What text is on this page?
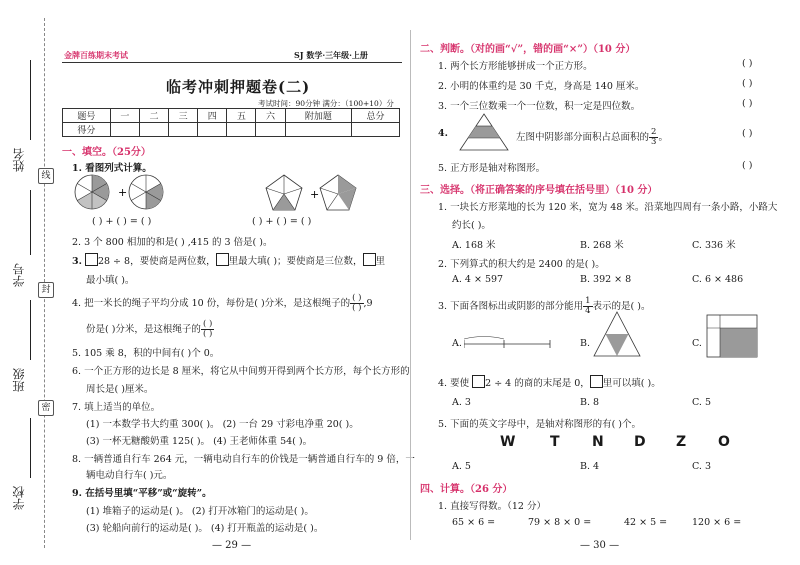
姓名
线
学号
封
班级
密
学校
金牌百练期末考试	SJ 数学·三年级·上册
临考冲刺押题卷(二)
考试时间：90分钟 满分：（100+10）分
题号	一	二	三	四	五	六	附加题	总分
得分								
一、填空。（25分）
1. 看图列式计算。
+	+
( ) + ( ) = ( )	( ) + ( ) = ( )
2. 3 个 800 相加的和是( ) ,415 的 3 倍是( )。
3. 28 ÷ 8，要使商是两位数， 里最大填( )；要使商是三位数， 里
最小填( )。
4. 把一米长的绳子平均分成 10 份，每份是( )分米，是这根绳子的 $\frac{( )}{( )},9$
份是( )分米，是这根绳子的 $\frac{( )}{( )}$
5. 105 乘 8，积的中间有( )个 0。
6. 一个正方形的边长是 8 厘米，将它从中间剪开得到两个长方形，每个长方形的
周长是( )厘米。
7. 填上适当的单位。
(1) 一本数学书大约重 300( )。 (2) 一台 29 寸彩电净重 20( )。
(3) 一杯无糖酸奶重 125( )。 (4) 王老师体重 54( )。
8. 一辆普通自行车 264 元，一辆电动自行车的价钱是一辆普通自行车的 9 倍，一
辆电动自行车( )元。
9. 在括号里填“平移”或“旋转”。
(1) 堆箱子的运动是( )。 (2) 打开冰箱门的运动是( )。
(3) 轮船向前行的运动是( )。 (4) 打开瓶盖的运动是( )。
— 29 —
二、判断。（对的画“√”，错的画“×”）（10 分）
1. 两个长方形能够拼成一个正方形。	( )
2. 小明的体重约是 30 千克，身高是 140 厘米。	( )
3. 一个三位数乘一个一位数，积一定是四位数。	( )
4.	左图中阴影部分面积占总面积的 $\frac{2}{3}$。	( )
5. 正方形是轴对称图形。	( )
三、选择。（将正确答案的序号填在括号里）（10 分）
1. 一块长方形菜地的长为 120 米，宽为 48 米。沿菜地四周有一条小路，小路大
约长( )。
A. 168 米	B. 268 米	C. 336 米
2. 下列算式的积大约是 2400 的是( )。
A. 4 × 597	B. 392 × 8	C. 6 × 486
3. 下面各图标出或阴影的部分能用 $\frac{1}{4}$表示的是( )。
A.	B.	C.
4. 要使 2 ÷ 4 的商的末尾是 0， 里可以填( )。
A. 3	B. 8	C. 5
5. 下面的英文字母中，是轴对称图形的有( )个。
W T N D Z O
A. 5	B. 4	C. 3
四、计算。（26 分）
1. 直接写得数。（12 分）
65 × 6 =	79 × 8 × 0 =	42 × 5 =	120 × 6 =
— 30 —
